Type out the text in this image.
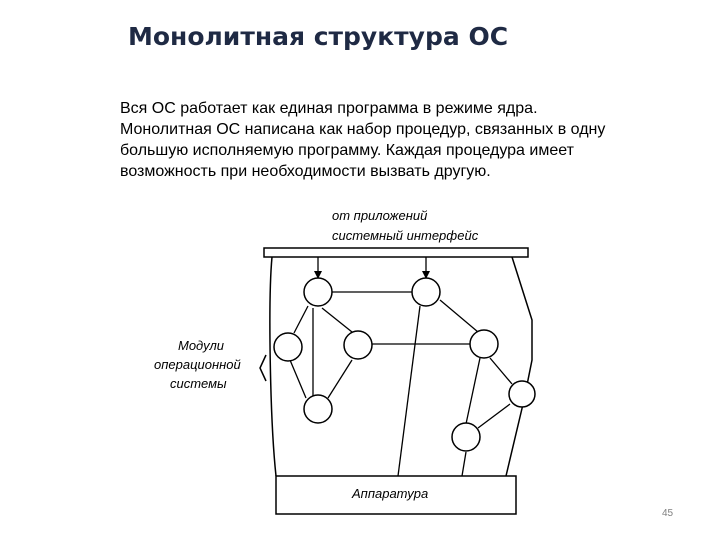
Монолитная структура ОС
Вся ОС работает как единая программа в режиме ядра.
Монолитная ОС написана как набор процедур, связанных в одну
большую исполняемую программу. Каждая процедура имеет
возможность при необходимости вызвать другую.
от приложений
системный интерфейс
Аппаратура
Модули
операционной
системы
45
